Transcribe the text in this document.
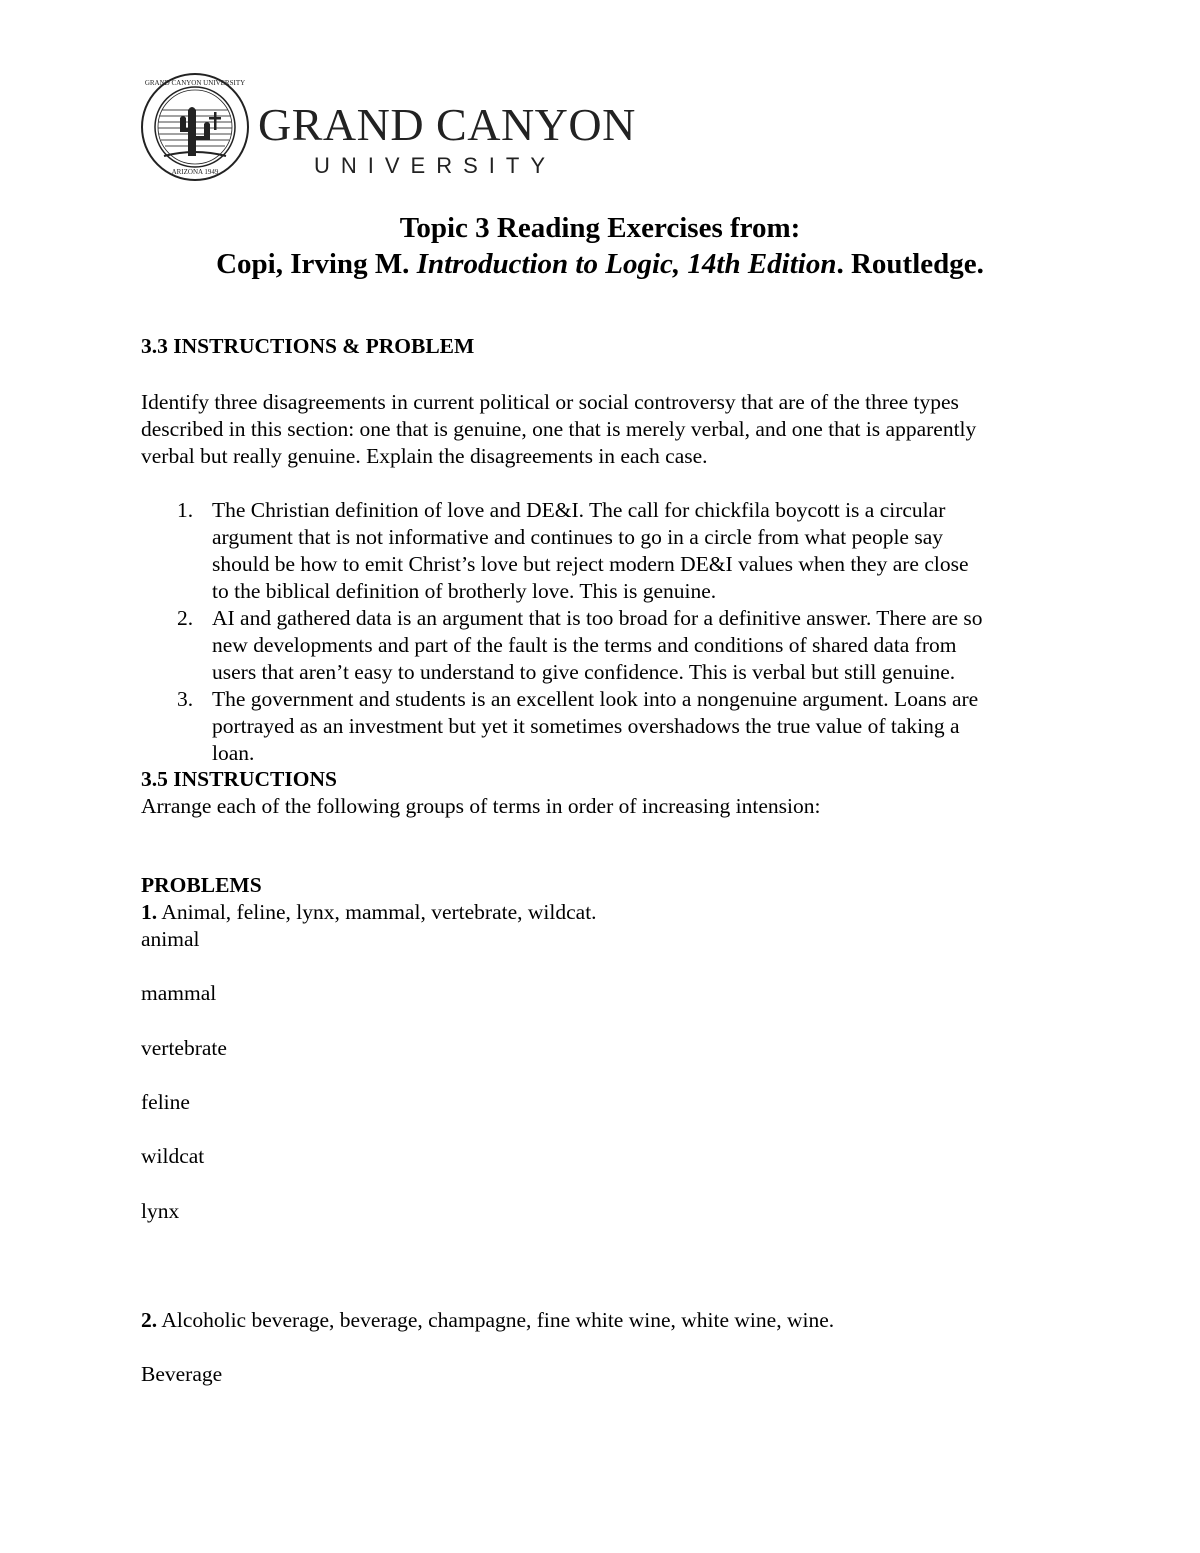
GRAND CANYON UNIVERSITY
ARIZONA 1949
GRAND CANYON
UNIVERSITY
Topic 3 Reading Exercises from:
Copi, Irving M. Introduction to Logic, 14th Edition. Routledge.
3.3 INSTRUCTIONS & PROBLEM
Identify three disagreements in current political or social controversy that are of the three types
described in this section: one that is genuine, one that is merely verbal, and one that is apparently
verbal but really genuine. Explain the disagreements in each case.
1. The Christian definition of love and DE&I. The call for chickfila boycott is a circular
argument that is not informative and continues to go in a circle from what people say
should be how to emit Christ’s love but reject modern DE&I values when they are close
to the biblical definition of brotherly love. This is genuine.
2. AI and gathered data is an argument that is too broad for a definitive answer. There are so
new developments and part of the fault is the terms and conditions of shared data from
users that aren’t easy to understand to give confidence. This is verbal but still genuine.
3. The government and students is an excellent look into a nongenuine argument. Loans are
portrayed as an investment but yet it sometimes overshadows the true value of taking a
loan.
3.5 INSTRUCTIONS
Arrange each of the following groups of terms in order of increasing intension:
PROBLEMS
1. Animal, feline, lynx, mammal, vertebrate, wildcat.
animal
mammal
vertebrate
feline
wildcat
lynx
2. Alcoholic beverage, beverage, champagne, fine white wine, white wine, wine.
Beverage
